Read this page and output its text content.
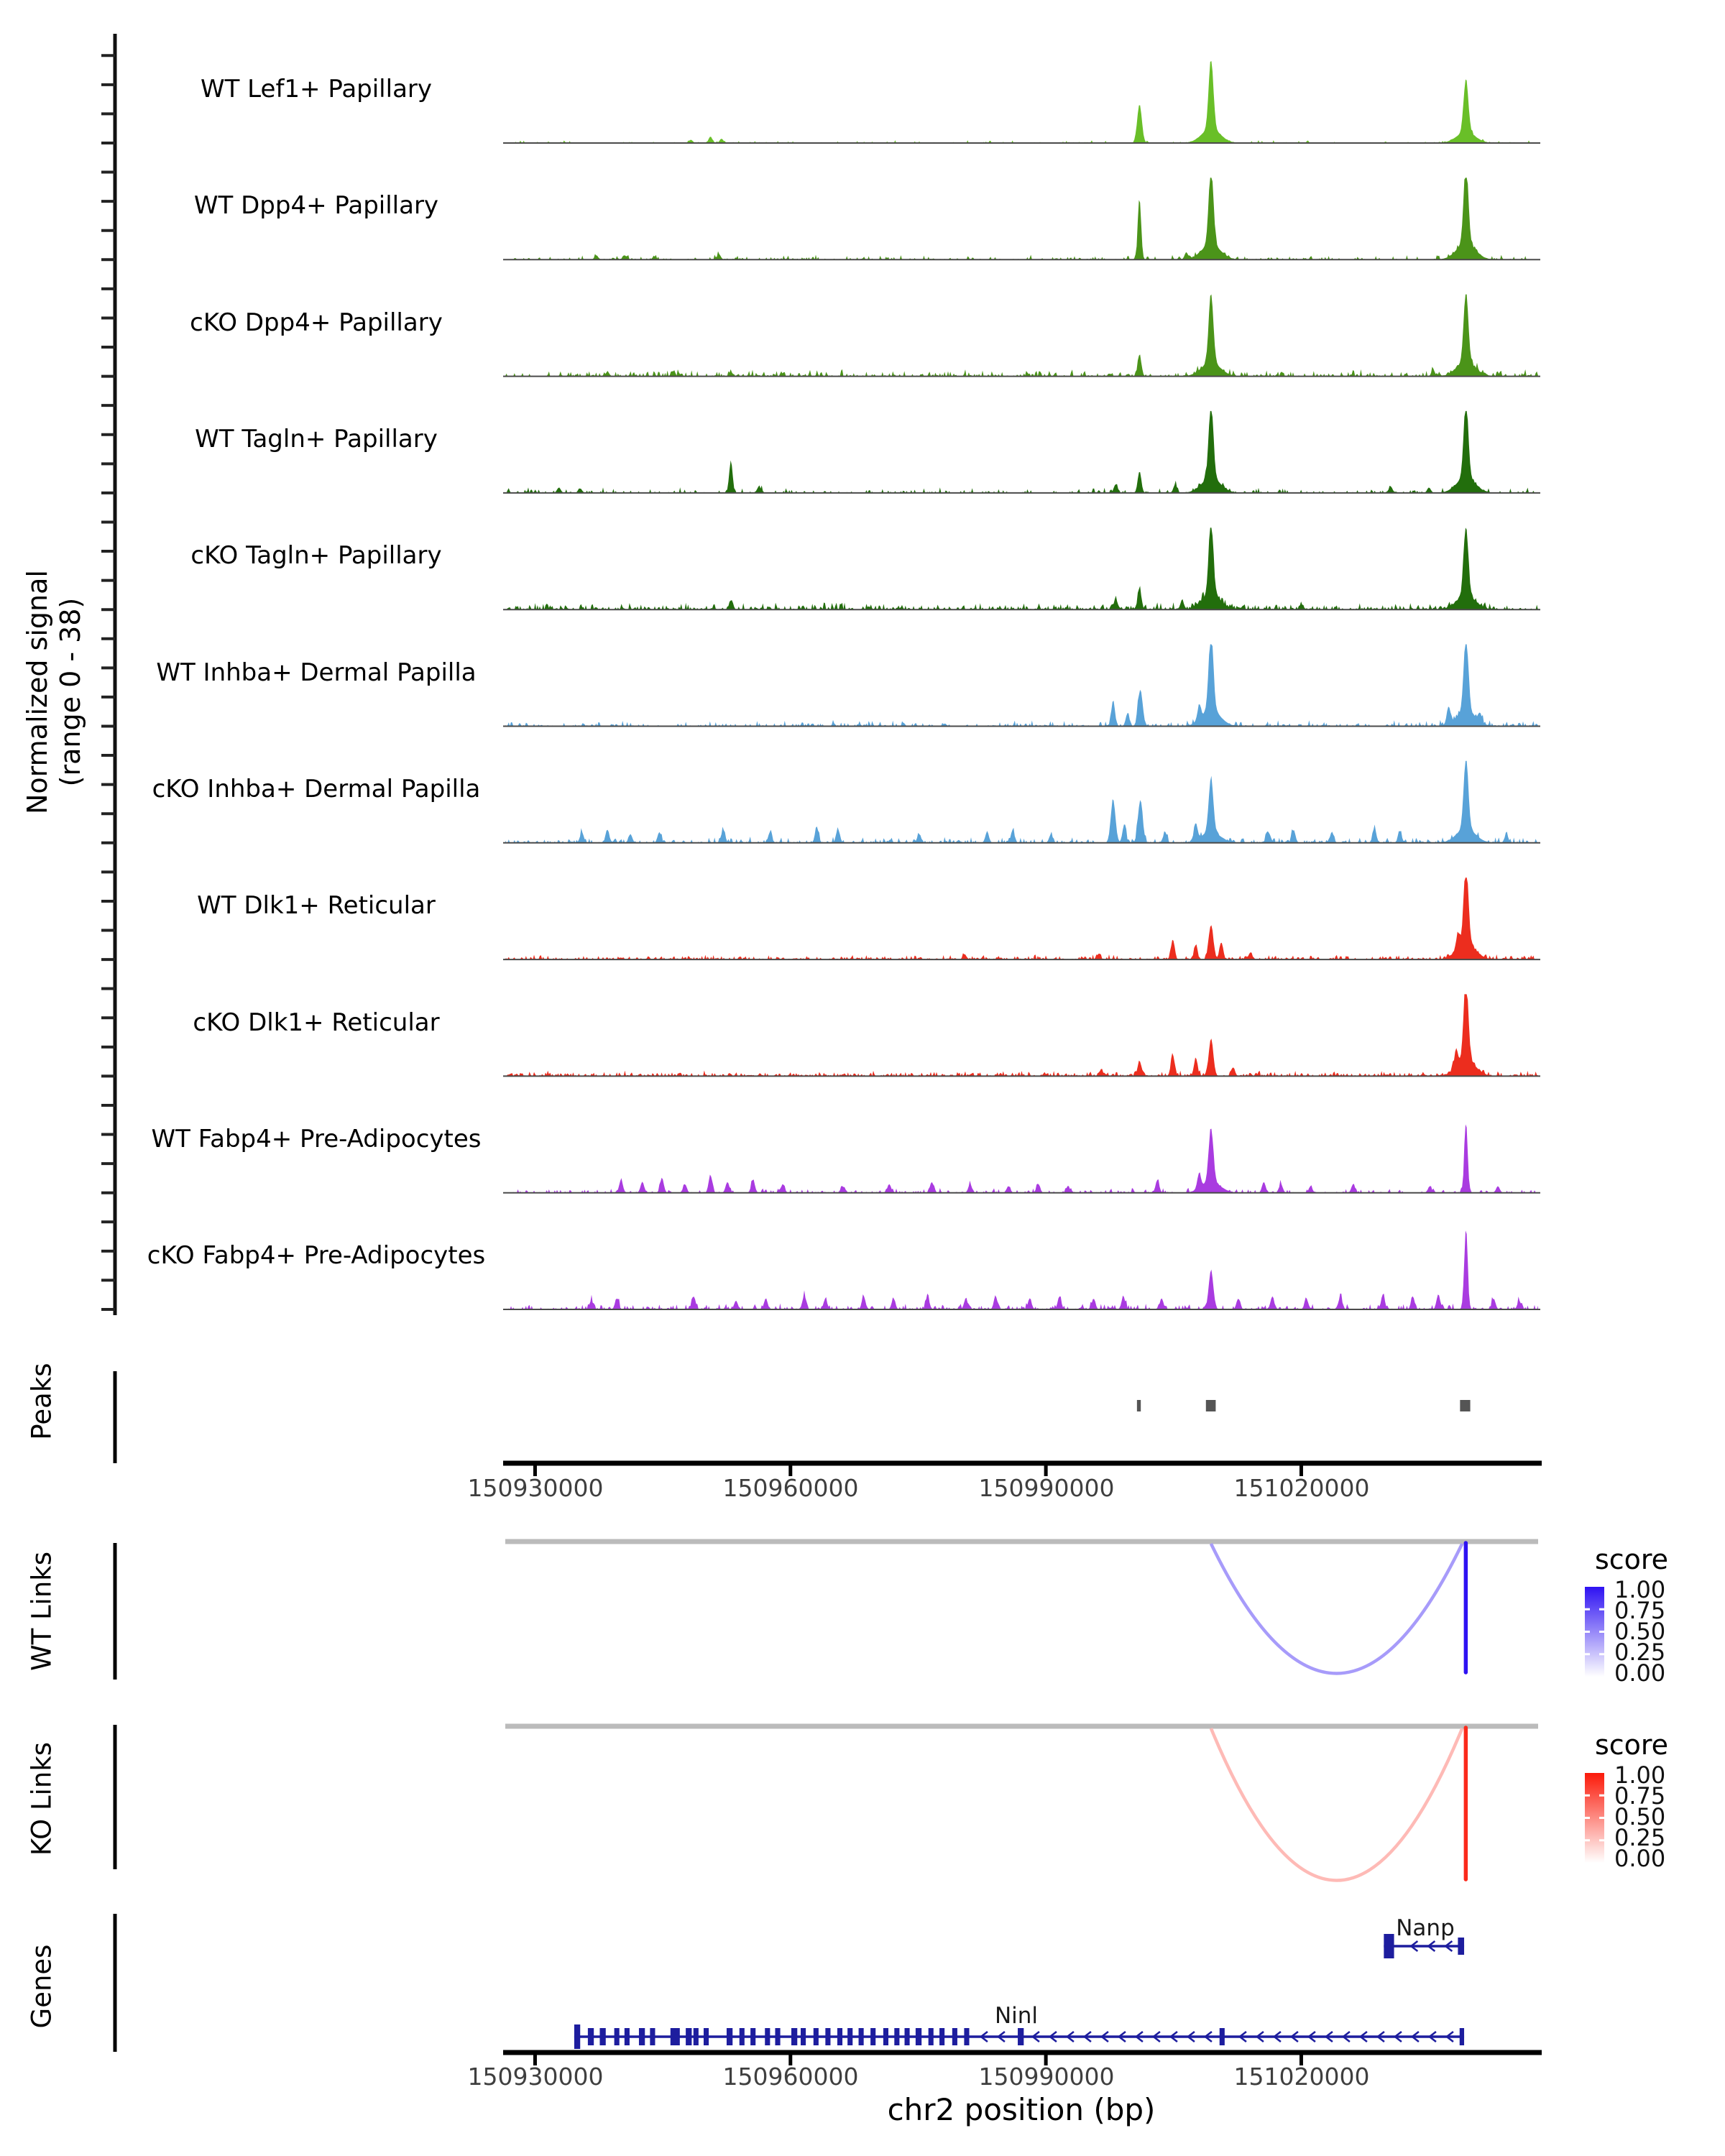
Normalized signal (range 0 - 38)
WT Lef1+ Papillary
WT Dpp4+ Papillary
cKO Dpp4+ Papillary
WT Tagln+ Papillary
cKO Tagln+ Papillary
WT Inhba+ Dermal Papilla
cKO Inhba+ Dermal Papilla
WT Dlk1+ Reticular
cKO Dlk1+ Reticular
WT Fabp4+ Pre-Adipocytes
cKO Fabp4+ Pre-Adipocytes
Peaks
WT Links
KO Links
Genes
150930000	150960000	150990000	151020000
score
1.00
0.75
0.50
0.25
0.00
score
1.00
0.75
0.50
0.25
0.00
Ninl
Nanp
150930000	150960000	150990000	151020000
chr2 position (bp)
